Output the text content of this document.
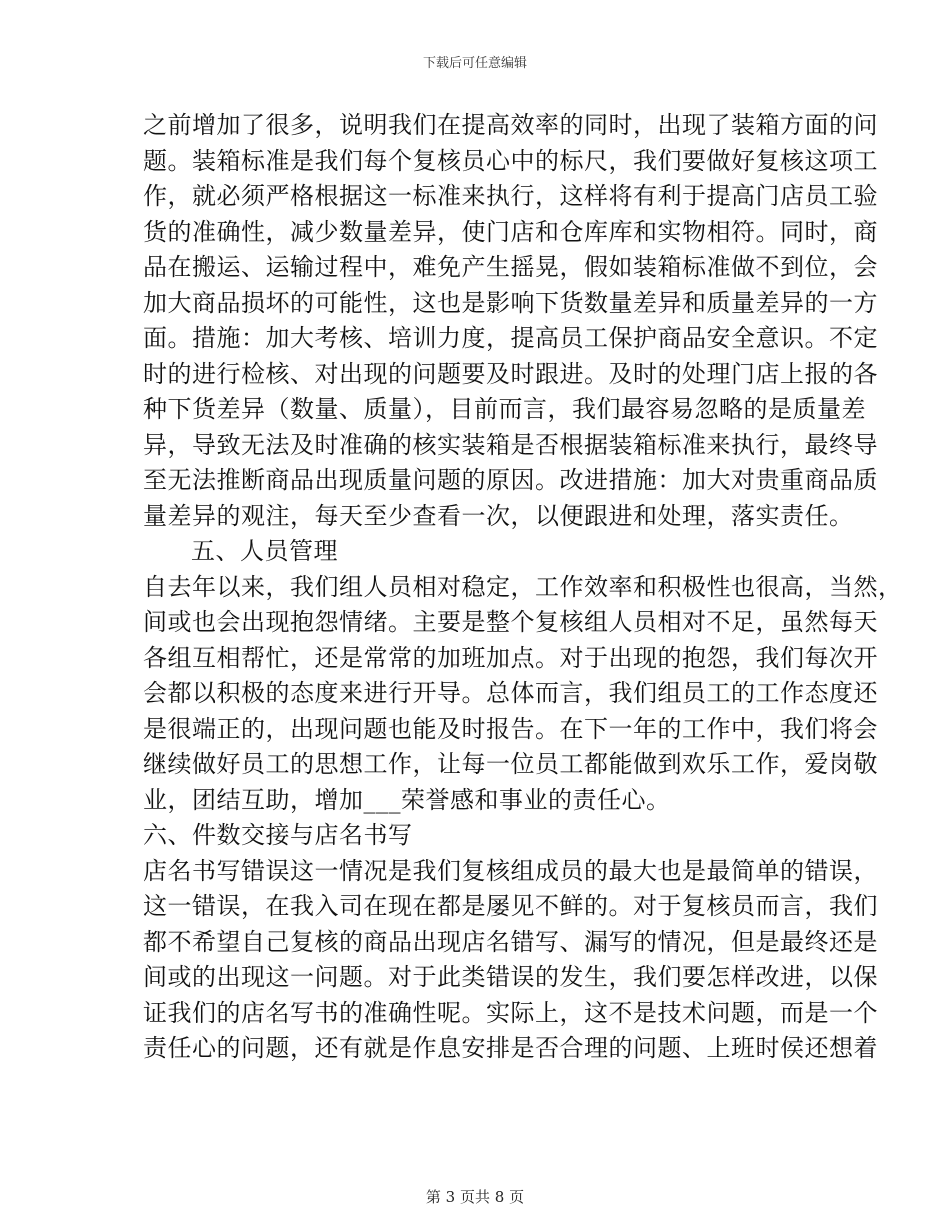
下载后可任意编辑
之前增加了很多，说明我们在提高效率的同时，出现了装箱方面的问
题。装箱标准是我们每个复核员心中的标尺，我们要做好复核这项工
作，就必须严格根据这一标准来执行，这样将有利于提高门店员工验
货的准确性，减少数量差异，使门店和仓库库和实物相符。同时，商
品在搬运、运输过程中，难免产生摇晃，假如装箱标准做不到位，会
加大商品损坏的可能性，这也是影响下货数量差异和质量差异的一方
面。措施：加大考核、培训力度，提高员工保护商品安全意识。不定
时的进行检核、对出现的问题要及时跟进。及时的处理门店上报的各
种下货差异（数量、质量），目前而言，我们最容易忽略的是质量差
异，导致无法及时准确的核实装箱是否根据装箱标准来执行，最终导
至无法推断商品出现质量问题的原因。改进措施：加大对贵重商品质
量差异的观注，每天至少查看一次，以便跟进和处理，落实责任。
五、人员管理
自去年以来，我们组人员相对稳定，工作效率和积极性也很高，当然，
间或也会出现抱怨情绪。主要是整个复核组人员相对不足，虽然每天
各组互相帮忙，还是常常的加班加点。对于出现的抱怨，我们每次开
会都以积极的态度来进行开导。总体而言，我们组员工的工作态度还
是很端正的，出现问题也能及时报告。在下一年的工作中，我们将会
继续做好员工的思想工作，让每一位员工都能做到欢乐工作，爱岗敬
业，团结互助，增加___荣誉感和事业的责任心。
六、件数交接与店名书写
店名书写错误这一情况是我们复核组成员的最大也是最简单的错误，
这一错误，在我入司在现在都是屡见不鲜的。对于复核员而言，我们
都不希望自己复核的商品出现店名错写、漏写的情况，但是最终还是
间或的出现这一问题。对于此类错误的发生，我们要怎样改进，以保
证我们的店名写书的准确性呢。实际上，这不是技术问题，而是一个
责任心的问题，还有就是作息安排是否合理的问题、上班时侯还想着
第 3 页共 8 页
